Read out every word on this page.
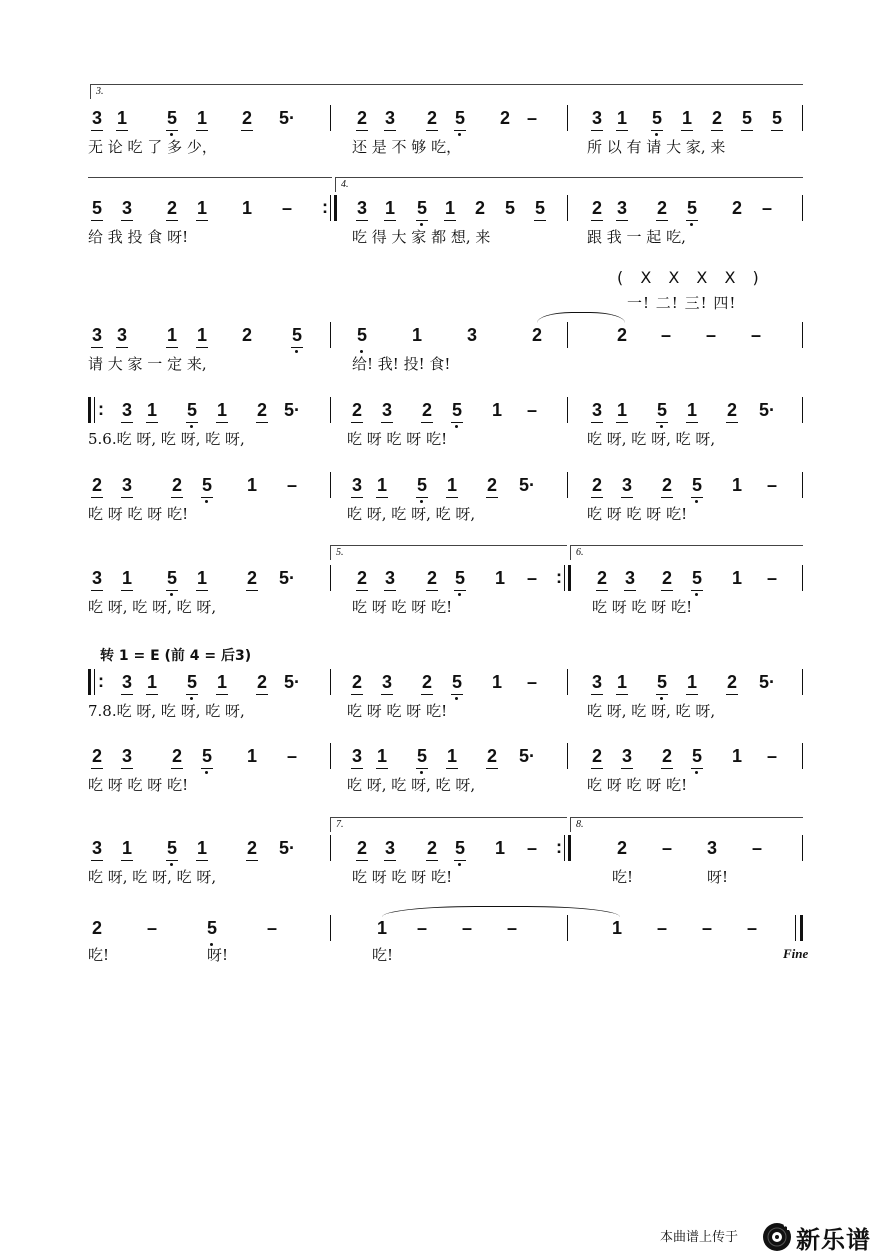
3 1 5 1 2 5·	2 3 2 5 2 –	3 1 5 1 2 5 5
5 3 2 1 1 –	3 1 5 1 2 5 5	2 3 2 5 2 –
3 3 1 1 2 5	5 1 3	2	2 – – –
3 1 5 1 2 5·	2 3 2 5 1 –	3 1 5 1 2 5·
2 3 2 5 1 –	3 1 5 1 2 5·	2 3 2 5 1 –
3 1 5 1 2 5·	2 3 2 5 1 –	2 3 2 5 1 –
3 1 5 1 2 5·	2 3 2 5 1 –	3 1 5 1 2 5·
2 3 2 5 1 –	3 1 5 1 2 5·	2 3 2 5 1 –
3 1 5 1 2 5·	2 3 2 5 1 –	2 – 3 –
2 –	5	–	1 – – –	1 – – –
无 论 吃 了 多 少，	还 是 不 够 吃，	所 以 有 请 大 家, 来
给 我 投 食 呀!	吃 得 大 家 都 想, 来	跟 我 一 起 吃,
请 大 家 一 定 来,	给! 我! 投! 食!
5.6.吃 呀, 吃 呀, 吃 呀,	吃 呀 吃 呀 吃!	吃 呀, 吃 呀, 吃 呀,
吃 呀 吃 呀 吃!	吃 呀, 吃 呀, 吃 呀,	吃 呀 吃 呀 吃!
吃 呀, 吃 呀, 吃 呀,	吃 呀 吃 呀 吃!	吃 呀 吃 呀 吃!
7.8.吃 呀, 吃 呀, 吃 呀,	吃 呀 吃 呀 吃!	吃 呀, 吃 呀, 吃 呀,
吃 呀 吃 呀 吃!	吃 呀, 吃 呀, 吃 呀,	吃 呀 吃 呀 吃!
吃 呀, 吃 呀, 吃 呀,	吃 呀 吃 呀 吃!	吃!	呀!
吃!	呀!	吃!
:
:
:
:
:
3.
4.
5.	6.
7.	8.
( X X X X )
一! 二! 三! 四!
转 1 = E (前 4 = 后3)
Fine
本曲谱上传于 新乐谱
